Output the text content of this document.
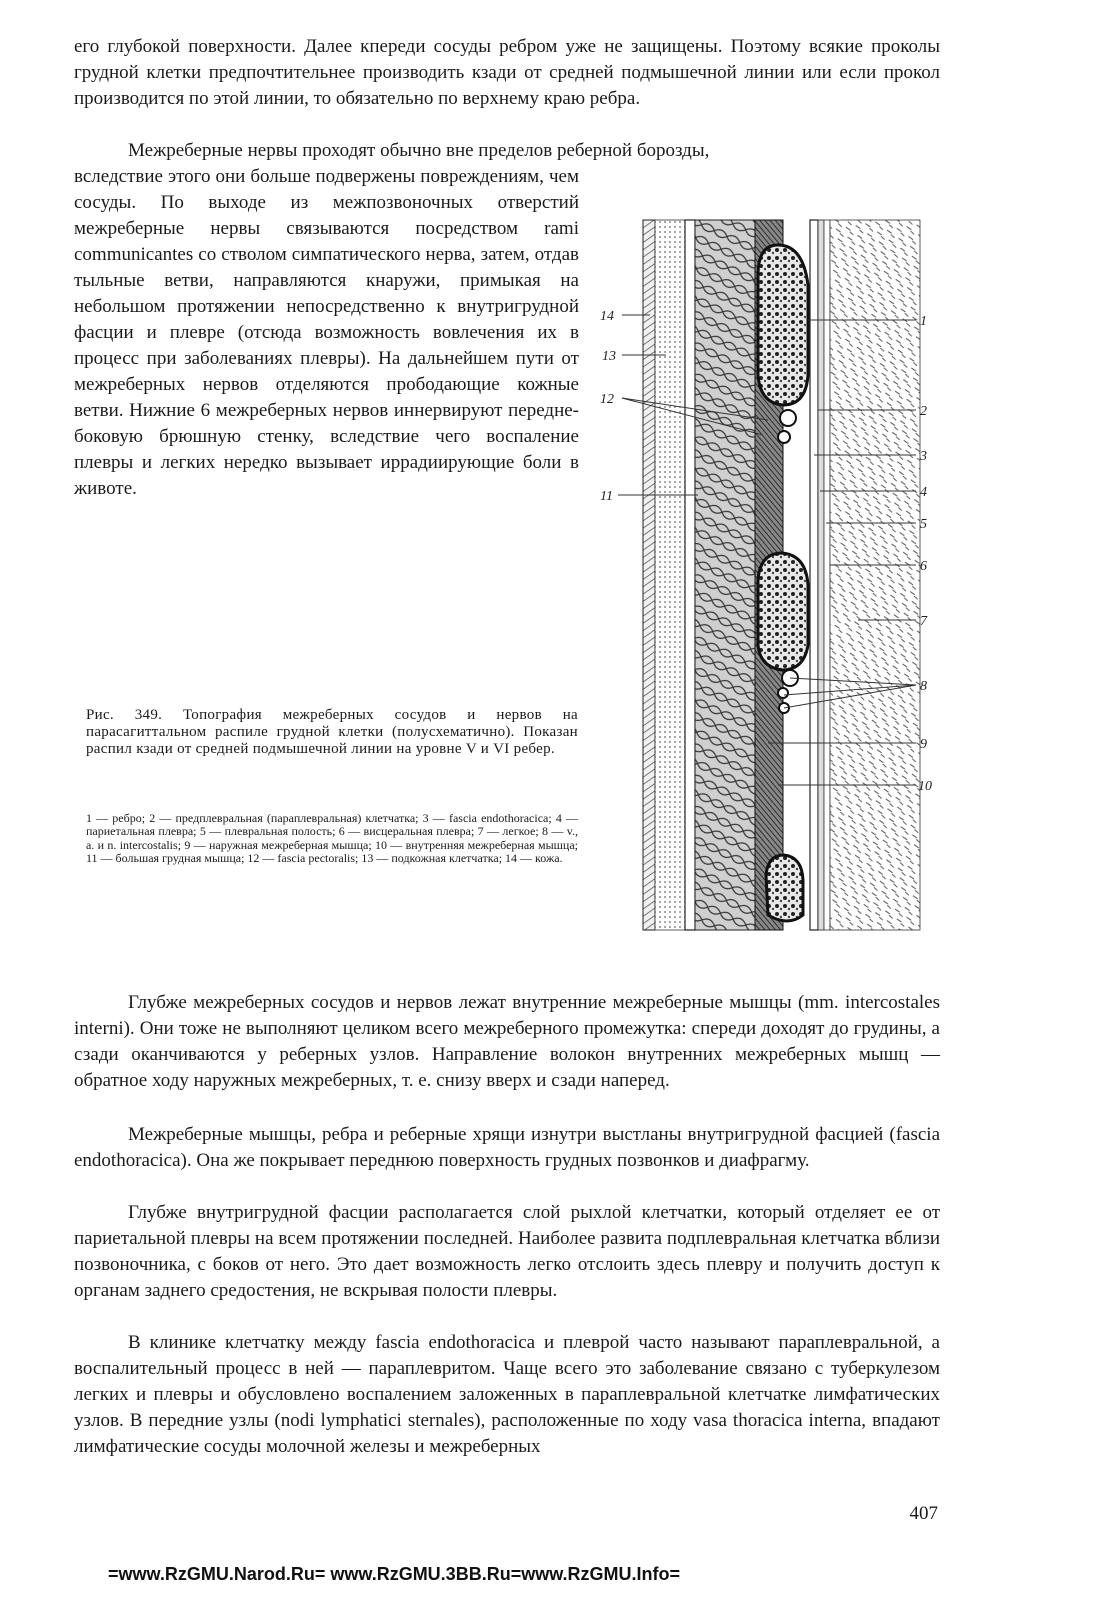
его глубокой поверхности. Далее кпереди сосуды ребром уже не защищены. Поэтому всякие проколы грудной клетки предпочтительнее производить кзади от средней подмышечной линии или если прокол производится по этой линии, то обязательно по верхнему краю ребра.

Межреберные нервы проходят обычно вне пределов реберной борозды,

вследствие этого они больше подвержены повреждениям, чем сосуды. По выходе из межпозвоночных отверстий межреберные нервы связываются посредством rami communicantes со стволом симпатического нерва, затем, отдав тыльные ветви, направляются кнаружи, примыкая на небольшом протяжении непосредственно к внутригрудной фасции и плевре (отсюда возможность вовлечения их в процесс при заболеваниях плевры). На дальнейшем пути от межреберных нервов отделяются прободающие кожные ветви. Нижние 6 межреберных нервов иннервируют передне-боковую брюшную стенку, вследствие чего воспаление плевры и легких нередко вызывает иррадиирующие боли в животе.

1
2
3
4
5
6
7
8
9
10
11
12
13
14

Рис. 349. Топография межреберных сосудов и нервов на парасагиттальном распиле грудной клетки (полусхематично). Показан распил кзади от средней подмышечной линии на уровне V и VI ребер.

1 — ребро; 2 — предплевральная (параплевральная) клетчатка; 3 — fascia endothoracica; 4 — париетальная плевра; 5 — плевральная полость; 6 — висцеральная плевра; 7 — легкое; 8 — v., a. и n. intercostalis; 9 — наружная межреберная мышца; 10 — внутренняя межреберная мышца; 11 — большая грудная мышца; 12 — fascia pectoralis; 13 — подкожная клетчатка; 14 — кожа.

Глубже межреберных сосудов и нервов лежат внутренние межреберные мышцы (mm. intercostales interni). Они тоже не выполняют целиком всего межреберного промежутка: спереди доходят до грудины, а сзади оканчиваются у реберных узлов. Направление волокон внутренних межреберных мышц — обратное ходу наружных межреберных, т. е. снизу вверх и сзади наперед.

Межреберные мышцы, ребра и реберные хрящи изнутри выстланы внутригрудной фасцией (fascia endothoracica). Она же покрывает переднюю поверхность грудных позвонков и диафрагму.

Глубже внутригрудной фасции располагается слой рыхлой клетчатки, который отделяет ее от париетальной плевры на всем протяжении последней. Наиболее развита подплевральная клетчатка вблизи позвоночника, с боков от него. Это дает возможность легко отслоить здесь плевру и получить доступ к органам заднего средостения, не вскрывая полости плевры.

В клинике клетчатку между fascia endothoracica и плеврой часто называют параплевральной, а воспалительный процесс в ней — параплевритом. Чаще всего это заболевание связано с туберкулезом легких и плевры и обусловлено воспалением заложенных в параплевральной клетчатке лимфатических узлов. В передние узлы (nodi lymphatici sternales), расположенные по ходу vasa thoracica interna, впадают лимфатические сосуды молочной железы и межреберных

407
=www.RzGMU.Narod.Ru= www.RzGMU.3BB.Ru=www.RzGMU.Info=
